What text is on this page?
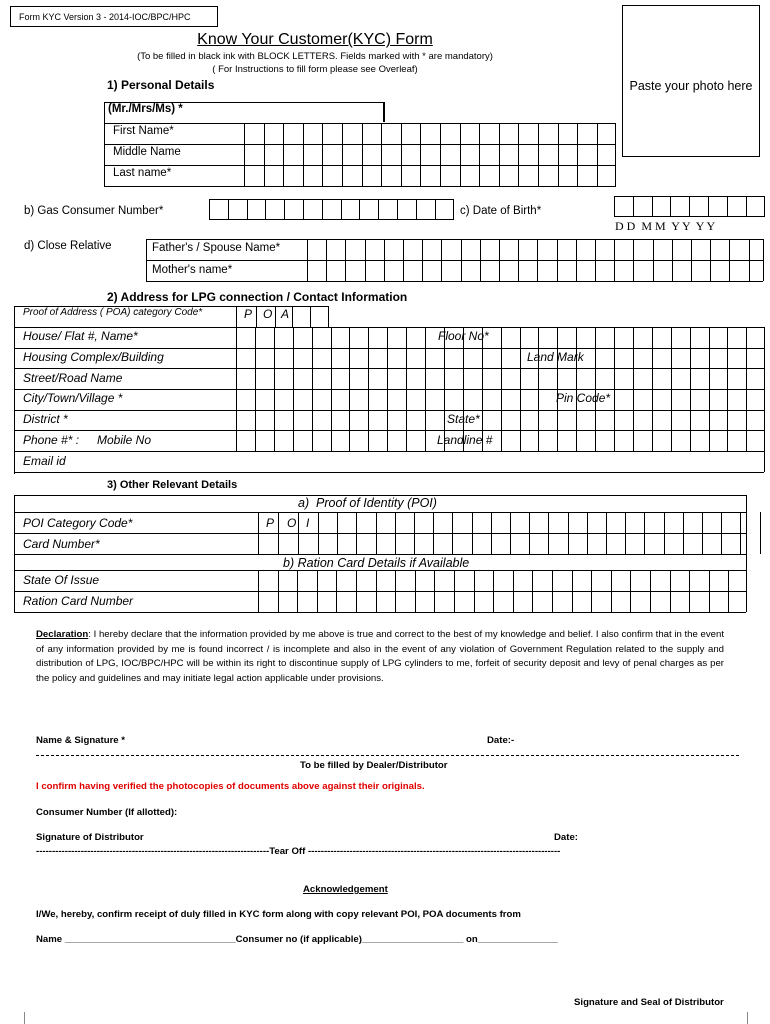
Form KYC Version 3 - 2014-IOC/BPC/HPC
Paste your photo here
Know Your Customer(KYC) Form
(To be filled in black ink with BLOCK LETTERS. Fields marked with * are mandatory)
( For Instructions to fill form please see Overleaf)
1) Personal Details
(Mr./Mrs/Ms) *
First Name*
Middle Name
Last name*
b) Gas Consumer Number*	c) Date of Birth*
D D  M M  Y Y  Y Y
d) Close Relative	Father's / Spouse Name*
Mother's name*
2) Address for LPG connection / Contact Information
Proof of Address ( POA) category Code*	P O A
House/ Flat #, Name*	Floor No*
Housing Complex/Building	Land Mark
Street/Road Name
City/Town/Village *	Pin Code*
District *	State*
Phone #* : Mobile No	Landline #
Email id
3) Other Relevant Details
a)  Proof of Identity (POI)
POI Category Code*	P O I
Card Number*
b) Ration Card Details if Available
State Of Issue
Ration Card Number
Declaration: I hereby declare that the information provided by me above is true and correct to the best of my knowledge and belief. I also confirm that in the event of any information provided by me is found incorrect / is incomplete and also in the event of any violation of Government Regulation related to the supply and distribution of LPG, IOC/BPC/HPC will be within its right to discontinue supply of LPG cylinders to me, forfeit of security deposit and levy of penal charges as per the policy and guidelines and may initiate legal action applicable under provisions.
Name & Signature *	Date:-
To be filled by Dealer/Distributor
I confirm having verified the photocopies of documents above against their originals.
Consumer Number (If allotted):
Signature of Distributor	Date:
-------------------------------------------------------------------------Tear Off -------------------------------------------------------------------------------
Acknowledgement
I/We, hereby, confirm receipt of duly filled in KYC form along with copy relevant POI, POA documents from
Name ________________________________Consumer no (if applicable)___________________ on_______________
Signature and Seal of Distributor
